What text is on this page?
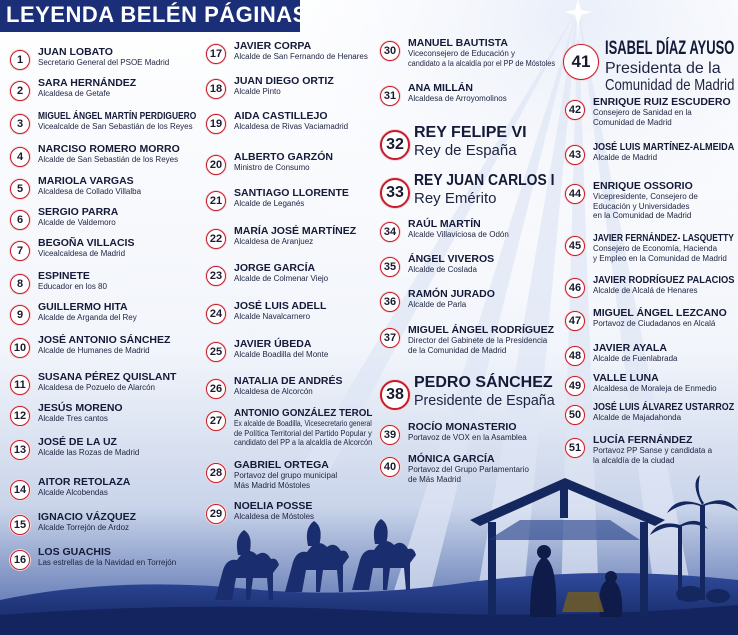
LEYENDA BELÉN PÁGINAS
1
JUAN LOBATO
Secretario General del PSOE Madrid
2
SARA HERNÁNDEZ
Alcaldesa de Getafe
3
MIGUEL ÁNGEL MARTÍN PERDIGUERO
Vicealcalde de San Sebastián de los Reyes
4
NARCISO ROMERO MORRO
Alcalde de San Sebastián de los Reyes
5
MARIOLA VARGAS
Alcaldesa de Collado Villalba
6
SERGIO PARRA
Alcalde de Valdemoro
7
BEGOÑA VILLACIS
Vicealcaldesa de Madrid
8
ESPINETE
Educador en los 80
9
GUILLERMO HITA
Alcalde de Arganda del Rey
10
JOSÉ ANTONIO SÁNCHEZ
Alcalde de Humanes de Madrid
11
SUSANA PÉREZ QUISLANT
Alcaldesa de Pozuelo de Alarcón
12
JESÚS MORENO
Alcalde Tres cantos
13
JOSÉ DE LA UZ
Alcalde las Rozas de Madrid
14
AITOR RETOLAZA
Alcalde Alcobendas
15
IGNACIO VÁZQUEZ
Alcalde Torrejón de Ardoz
16
LOS GUACHIS
Las estrellas de la Navidad en Torrejón
17
JAVIER CORPA
Alcalde de San Fernando de Henares
18
JUAN DIEGO ORTIZ
Alcalde Pinto
19
AIDA CASTILLEJO
Alcaldesa de Rivas Vaciamadrid
20
ALBERTO GARZÓN
Ministro de Consumo
21
SANTIAGO LLORENTE
Alcalde de Leganés
22
MARÍA JOSÉ MARTÍNEZ
Alcaldesa de Aranjuez
23
JORGE GARCÍA
Alcalde de Colmenar Viejo
24
JOSÉ LUIS ADELL
Alcalde Navalcarnero
25
JAVIER ÚBEDA
Alcalde Boadilla del Monte
26
NATALIA DE ANDRÉS
Alcaldesa de Alcorcón
27
ANTONIO GONZÁLEZ TEROL
Ex alcalde de Boadilla, Vicesecretario general
de Política Territorial del Partido Popular y
candidato del PP a la alcaldía de Alcorcón
28
GABRIEL ORTEGA
Portavoz del grupo municipal
Más Madrid Móstoles
29
NOELIA POSSE
Alcaldesa de Móstoles
30
MANUEL BAUTISTA
Viceconsejero de Educación y
candidato a la alcaldía por el PP de Móstoles
31
ANA MILLÁN
Alcaldesa de Arroyomolinos
32
REY FELIPE VI
Rey de España
33
REY JUAN CARLOS I
Rey Emérito
34
RAÚL MARTÍN
Alcalde Villaviciosa de Odón
35
ÁNGEL VIVEROS
Alcalde de Coslada
36
RAMÓN JURADO
Alcalde de Parla
37
MIGUEL ÁNGEL RODRÍGUEZ
Director del Gabinete de la Presidencia
de la Comunidad de Madrid
38
PEDRO SÁNCHEZ
Presidente de España
39
ROCÍO MONASTERIO
Portavoz de VOX en la Asamblea
40
MÓNICA GARCÍA
Portavoz del Grupo Parlamentario
de Más Madrid
41
ISABEL DÍAZ AYUSO
Presidenta de la
Comunidad de Madrid
42
ENRIQUE RUIZ ESCUDERO
Consejero de Sanidad en la
Comunidad de Madrid
43
JOSÉ LUIS MARTÍNEZ-ALMEIDA
Alcalde de Madrid
44
ENRIQUE OSSORIO
Vicepresidente, Consejero de
Educación y Universidades
en la Comunidad de Madrid
45
JAVIER FERNÁNDEZ- LASQUETTY
Consejero de Economía, Hacienda
y Empleo en la Comunidad de Madrid
46
JAVIER RODRÍGUEZ PALACIOS
Alcalde de Alcalá de Henares
47
MIGUEL ÁNGEL LEZCANO
Portavoz de Ciudadanos en Alcalá
48
JAVIER AYALA
Alcalde de Fuenlabrada
49
VALLE LUNA
Alcaldesa de Moraleja de Enmedio
50
JOSÉ LUIS ÁLVAREZ USTARROZ
Alcalde de Majadahonda
51
LUCÍA FERNÁNDEZ
Portavoz PP Sanse y candidata a
la alcaldía de la ciudad
